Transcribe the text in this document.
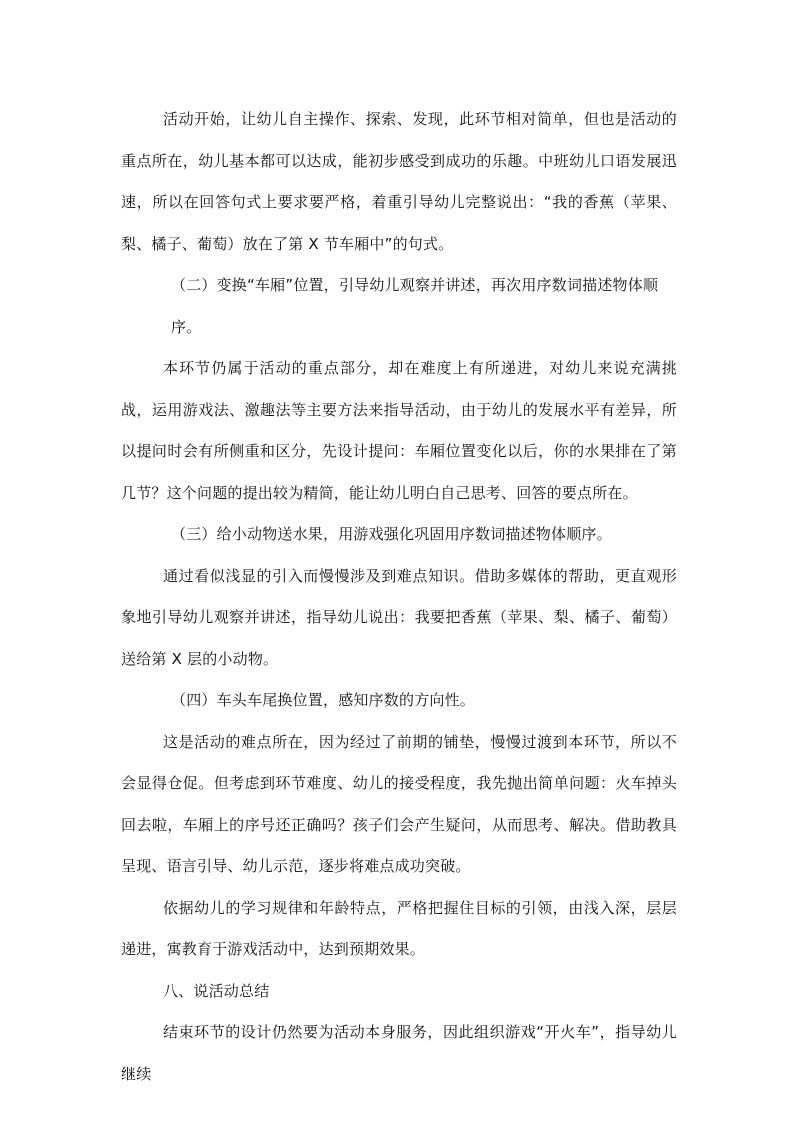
活动开始，让幼儿自主操作、探索、发现，此环节相对简单，但也是活动的重点所在，幼儿基本都可以达成，能初步感受到成功的乐趣。中班幼儿口语发展迅速，所以在回答句式上要求要严格，着重引导幼儿完整说出：“我的香蕉（苹果、梨、橘子、葡萄）放在了第 X 节车厢中”的句式。

（二）变换“车厢”位置，引导幼儿观察并讲述，再次用序数词描述物体顺序。

本环节仍属于活动的重点部分，却在难度上有所递进，对幼儿来说充满挑战，运用游戏法、激趣法等主要方法来指导活动，由于幼儿的发展水平有差异，所以提问时会有所侧重和区分，先设计提问：车厢位置变化以后，你的水果排在了第几节？这个问题的提出较为精简，能让幼儿明白自己思考、回答的要点所在。

（三）给小动物送水果，用游戏强化巩固用序数词描述物体顺序。

通过看似浅显的引入而慢慢涉及到难点知识。借助多媒体的帮助，更直观形象地引导幼儿观察并讲述，指导幼儿说出：我要把香蕉（苹果、梨、橘子、葡萄）送给第 X 层的小动物。

（四）车头车尾换位置，感知序数的方向性。

这是活动的难点所在，因为经过了前期的铺垫，慢慢过渡到本环节，所以不会显得仓促。但考虑到环节难度、幼儿的接受程度，我先抛出简单问题：火车掉头回去啦，车厢上的序号还正确吗？孩子们会产生疑问，从而思考、解决。借助教具呈现、语言引导、幼儿示范，逐步将难点成功突破。

依据幼儿的学习规律和年龄特点，严格把握住目标的引领，由浅入深，层层递进，寓教育于游戏活动中，达到预期效果。

八、说活动总结

结束环节的设计仍然要为活动本身服务，因此组织游戏“开火车”，指导幼儿继续
